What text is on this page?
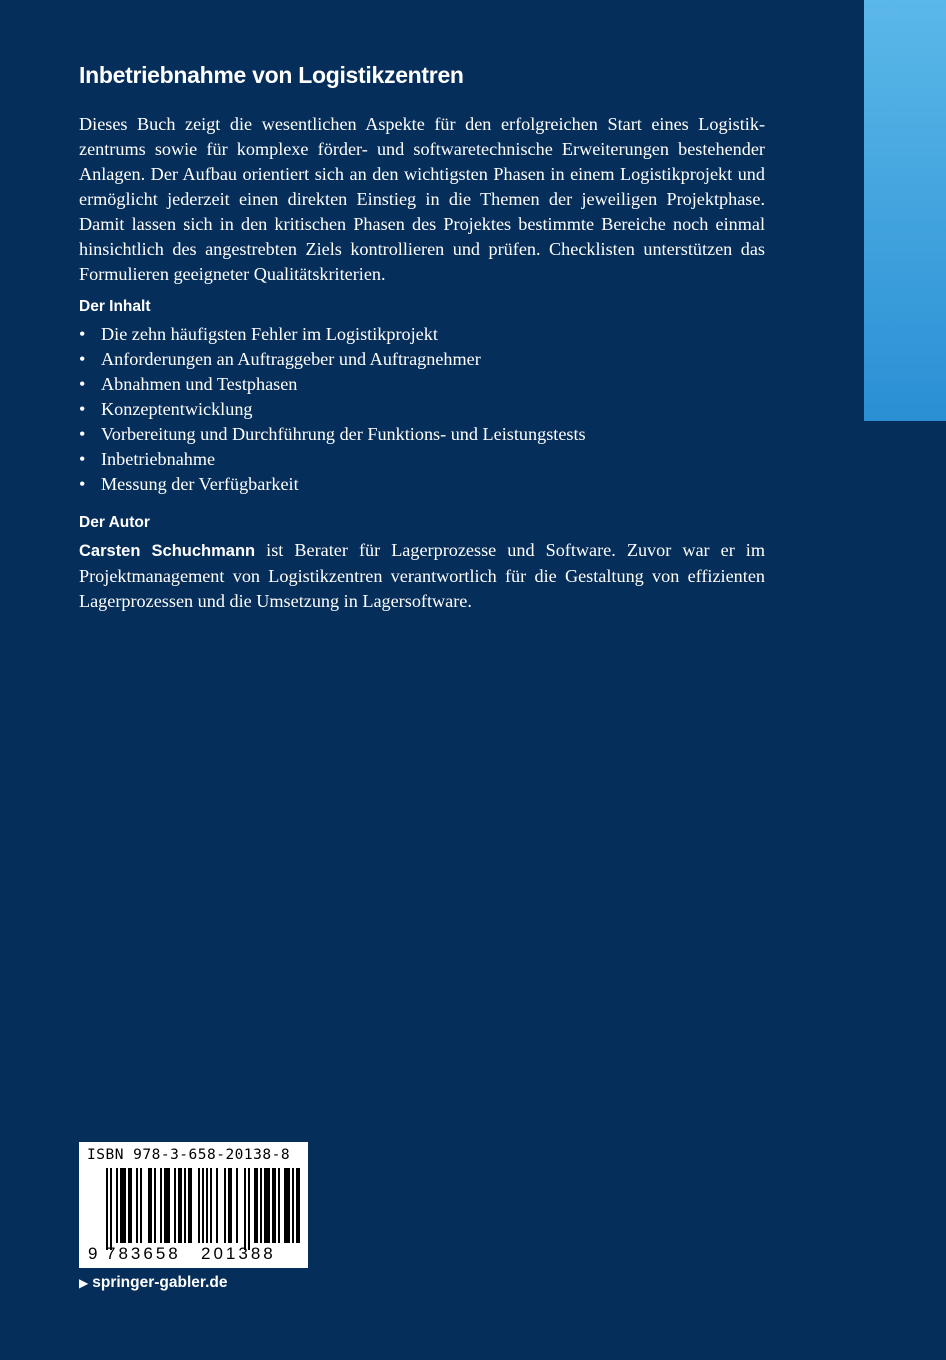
Inbetriebnahme von Logistikzentren

Dieses Buch zeigt die wesentlichen Aspekte für den erfolgreichen Start eines Logistikzentrums sowie für komplexe förder- und softwaretechnische Erweiterungen bestehender Anlagen. Der Aufbau orientiert sich an den wichtigsten Phasen in einem Logistikprojekt und ermöglicht jederzeit einen direkten Einstieg in die Themen der jeweiligen Projektphase. Damit lassen sich in den kritischen Phasen des Projektes bestimmte Bereiche noch einmal hinsichtlich des angestrebten Ziels kontrollieren und prüfen. Checklisten unterstützen das Formulieren geeigneter Qualitätskriterien.

Der Inhalt
• Die zehn häufigsten Fehler im Logistikprojekt
• Anforderungen an Auftraggeber und Auftragnehmer
• Abnahmen und Testphasen
• Konzeptentwicklung
• Vorbereitung und Durchführung der Funktions- und Leistungstests
• Inbetriebnahme
• Messung der Verfügbarkeit
Der Autor

Carsten Schuchmann ist Berater für Lagerprozesse und Software. Zuvor war er im Projektmanagement von Logistikzentren verantwortlich für die Gestaltung von effizienten Lagerprozessen und die Umsetzung in Lagersoftware.

ISBN 978-3-658-20138-8
9 783658	201388
▶ springer-gabler.de
